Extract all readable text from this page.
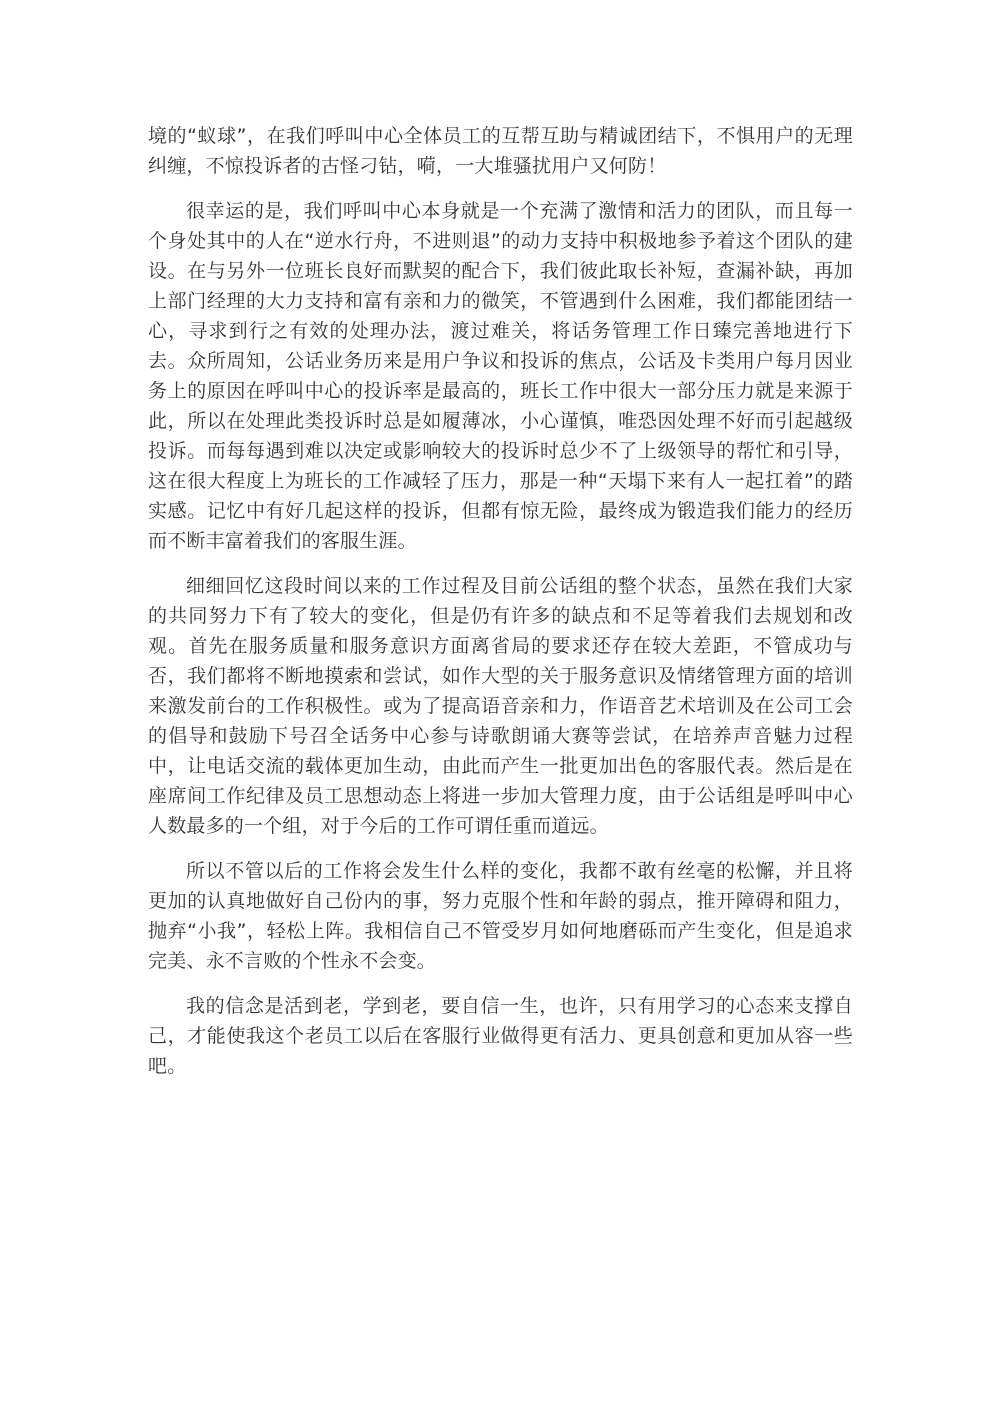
境的“蚁球”，在我们呼叫中心全体员工的互帮互助与精诚团结下，不惧用户的无理纠缠，不惊投诉者的古怪刁钻，嗬，一大堆骚扰用户又何防！

很幸运的是，我们呼叫中心本身就是一个充满了激情和活力的团队，而且每一个身处其中的人在“逆水行舟，不进则退”的动力支持中积极地参予着这个团队的建设。在与另外一位班长良好而默契的配合下，我们彼此取长补短，查漏补缺，再加上部门经理的大力支持和富有亲和力的微笑，不管遇到什么困难，我们都能团结一心，寻求到行之有效的处理办法，渡过难关，将话务管理工作日臻完善地进行下去。众所周知，公话业务历来是用户争议和投诉的焦点，公话及卡类用户每月因业务上的原因在呼叫中心的投诉率是最高的，班长工作中很大一部分压力就是来源于此，所以在处理此类投诉时总是如履薄冰，小心谨慎，唯恐因处理不好而引起越级投诉。而每每遇到难以决定或影响较大的投诉时总少不了上级领导的帮忙和引导，这在很大程度上为班长的工作减轻了压力，那是一种“天塌下来有人一起扛着”的踏实感。记忆中有好几起这样的投诉，但都有惊无险，最终成为锻造我们能力的经历而不断丰富着我们的客服生涯。

细细回忆这段时间以来的工作过程及目前公话组的整个状态，虽然在我们大家的共同努力下有了较大的变化，但是仍有许多的缺点和不足等着我们去规划和改观。首先在服务质量和服务意识方面离省局的要求还存在较大差距，不管成功与否，我们都将不断地摸索和尝试，如作大型的关于服务意识及情绪管理方面的培训来激发前台的工作积极性。或为了提高语音亲和力，作语音艺术培训及在公司工会的倡导和鼓励下号召全话务中心参与诗歌朗诵大赛等尝试，在培养声音魅力过程中，让电话交流的载体更加生动，由此而产生一批更加出色的客服代表。然后是在座席间工作纪律及员工思想动态上将进一步加大管理力度，由于公话组是呼叫中心人数最多的一个组，对于今后的工作可谓任重而道远。

所以不管以后的工作将会发生什么样的变化，我都不敢有丝毫的松懈，并且将更加的认真地做好自己份内的事，努力克服个性和年龄的弱点，推开障碍和阻力，抛弃“小我”，轻松上阵。我相信自己不管受岁月如何地磨砾而产生变化，但是追求完美、永不言败的个性永不会变。

我的信念是活到老，学到老，要自信一生，也许，只有用学习的心态来支撑自己，才能使我这个老员工以后在客服行业做得更有活力、更具创意和更加从容一些吧。
